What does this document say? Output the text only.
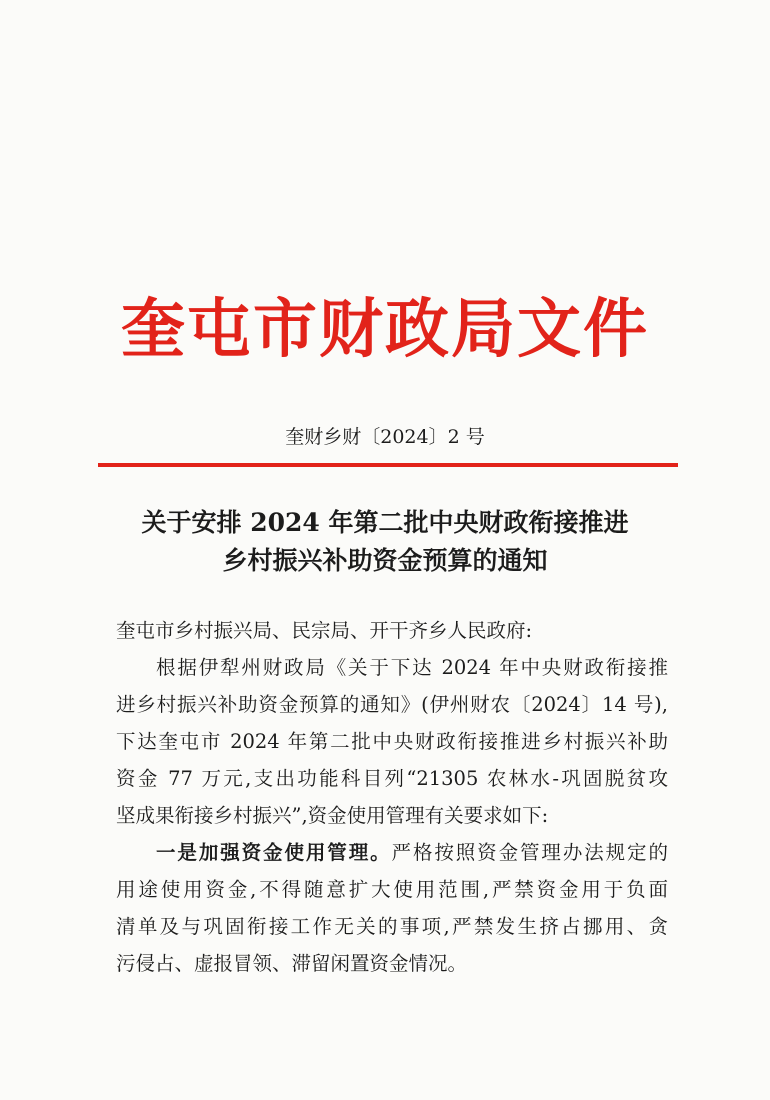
奎屯市财政局文件
奎财乡财〔2024〕2 号
关于安排 2024 年第二批中央财政衔接推进
乡村振兴补助资金预算的通知
奎屯市乡村振兴局、民宗局、开干齐乡人民政府:
根据伊犁州财政局《关于下达 2024 年中央财政衔接推
进乡村振兴补助资金预算的通知》(伊州财农〔2024〕14 号),
下达奎屯市 2024 年第二批中央财政衔接推进乡村振兴补助
资金 77 万元,支出功能科目列“21305 农林水-巩固脱贫攻
坚成果衔接乡村振兴”,资金使用管理有关要求如下:
一是加强资金使用管理。严格按照资金管理办法规定的
用途使用资金,不得随意扩大使用范围,严禁资金用于负面
清单及与巩固衔接工作无关的事项,严禁发生挤占挪用、贪
污侵占、虚报冒领、滞留闲置资金情况。
